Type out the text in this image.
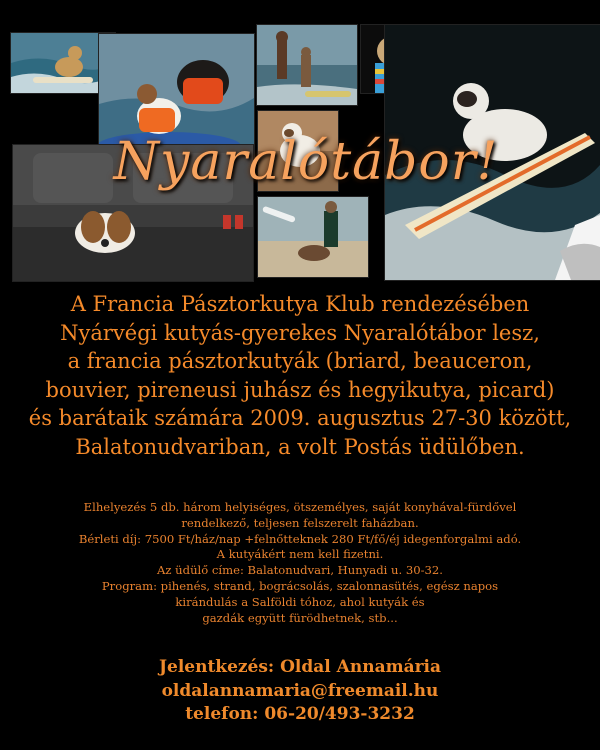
Nyaralótábor!
A Francia Pásztorkutya Klub rendezésében
Nyárvégi kutyás-gyerekes Nyaralótábor lesz,
a francia pásztorkutyák (briard, beauceron,
bouvier, pireneusi juhász és hegyikutya, picard)
és barátaik számára 2009. augusztus 27-30 között,
Balatonudvariban, a volt Postás üdülőben.
Elhelyezés 5 db. három helyiséges, ötszemélyes, saját konyhával-fürdővel
rendelkező, teljesen felszerelt faházban.
Bérleti díj: 7500 Ft/ház/nap +felnőtteknek 280 Ft/fő/éj idegenforgalmi adó.
A kutyákért nem kell fizetni.
Az üdülő címe: Balatonudvari, Hunyadi u. 30-32.
Program: pihenés, strand, bográcsolás, szalonnasütés, egész napos
kirándulás a Salföldi tóhoz, ahol kutyák és
gazdák együtt fürödhetnek, stb...
Jelentkezés: Oldal Annamária
oldalannamaria@freemail.hu
telefon: 06-20/493-3232
